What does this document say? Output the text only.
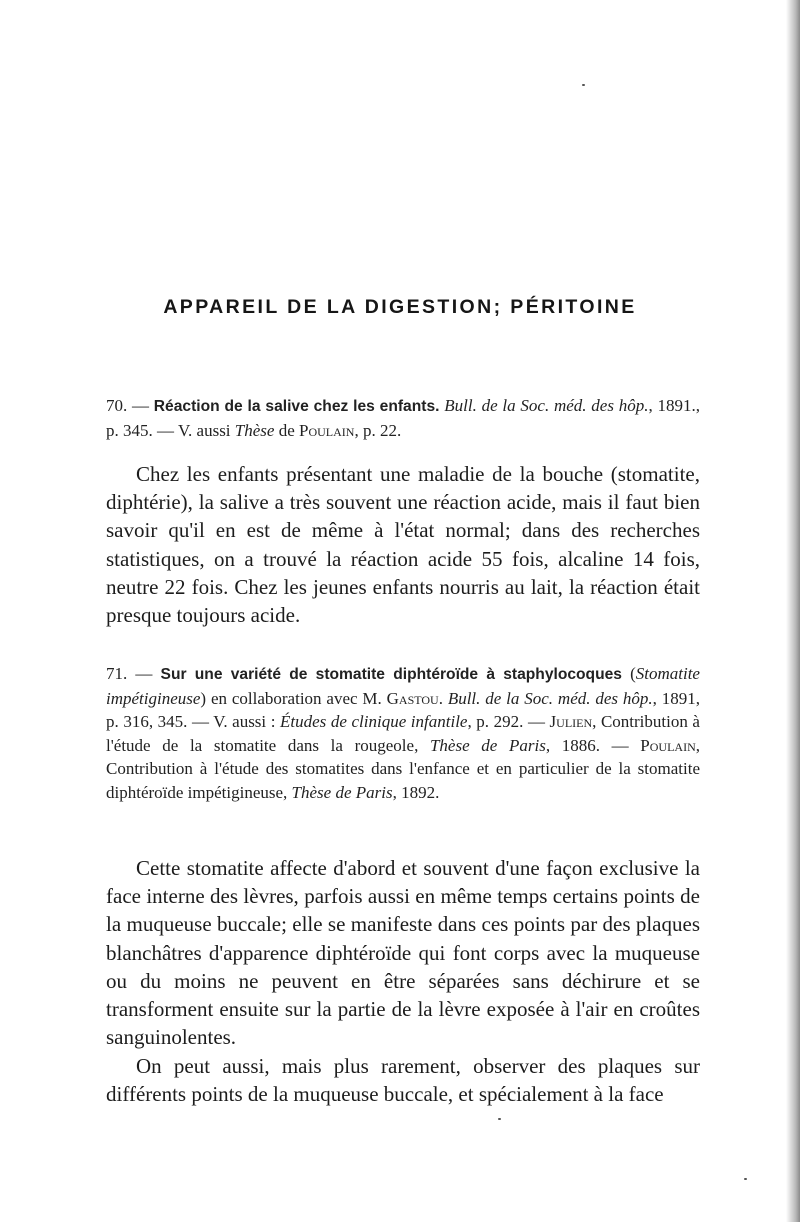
APPAREIL DE LA DIGESTION; PÉRITOINE
70. — Réaction de la salive chez les enfants. Bull. de la Soc. méd. des hôp., 1891., p. 345. — V. aussi Thèse de Poulain, p. 22.
Chez les enfants présentant une maladie de la bouche (stomatite, diphtérie), la salive a très souvent une réaction acide, mais il faut bien savoir qu'il en est de même à l'état normal; dans des recherches statistiques, on a trouvé la réaction acide 55 fois, alcaline 14 fois, neutre 22 fois. Chez les jeunes enfants nourris au lait, la réaction était presque toujours acide.
71. — Sur une variété de stomatite diphtéroïde à staphylocoques (Stomatite impétigineuse) en collaboration avec M. Gastou. Bull. de la Soc. méd. des hôp., 1891, p. 316, 345. — V. aussi : Études de clinique infantile, p. 292. — Julien, Contribution à l'étude de la stomatite dans la rougeole, Thèse de Paris, 1886. — Poulain, Contribution à l'étude des stomatites dans l'enfance et en particulier de la stomatite diphtéroïde impétigineuse, Thèse de Paris, 1892.
Cette stomatite affecte d'abord et souvent d'une façon exclusive la face interne des lèvres, parfois aussi en même temps certains points de la muqueuse buccale; elle se manifeste dans ces points par des plaques blanchâtres d'apparence diphtéroïde qui font corps avec la muqueuse ou du moins ne peuvent en être séparées sans déchirure et se transforment ensuite sur la partie de la lèvre exposée à l'air en croûtes sanguinolentes.
On peut aussi, mais plus rarement, observer des plaques sur différents points de la muqueuse buccale, et spécialement à la face
